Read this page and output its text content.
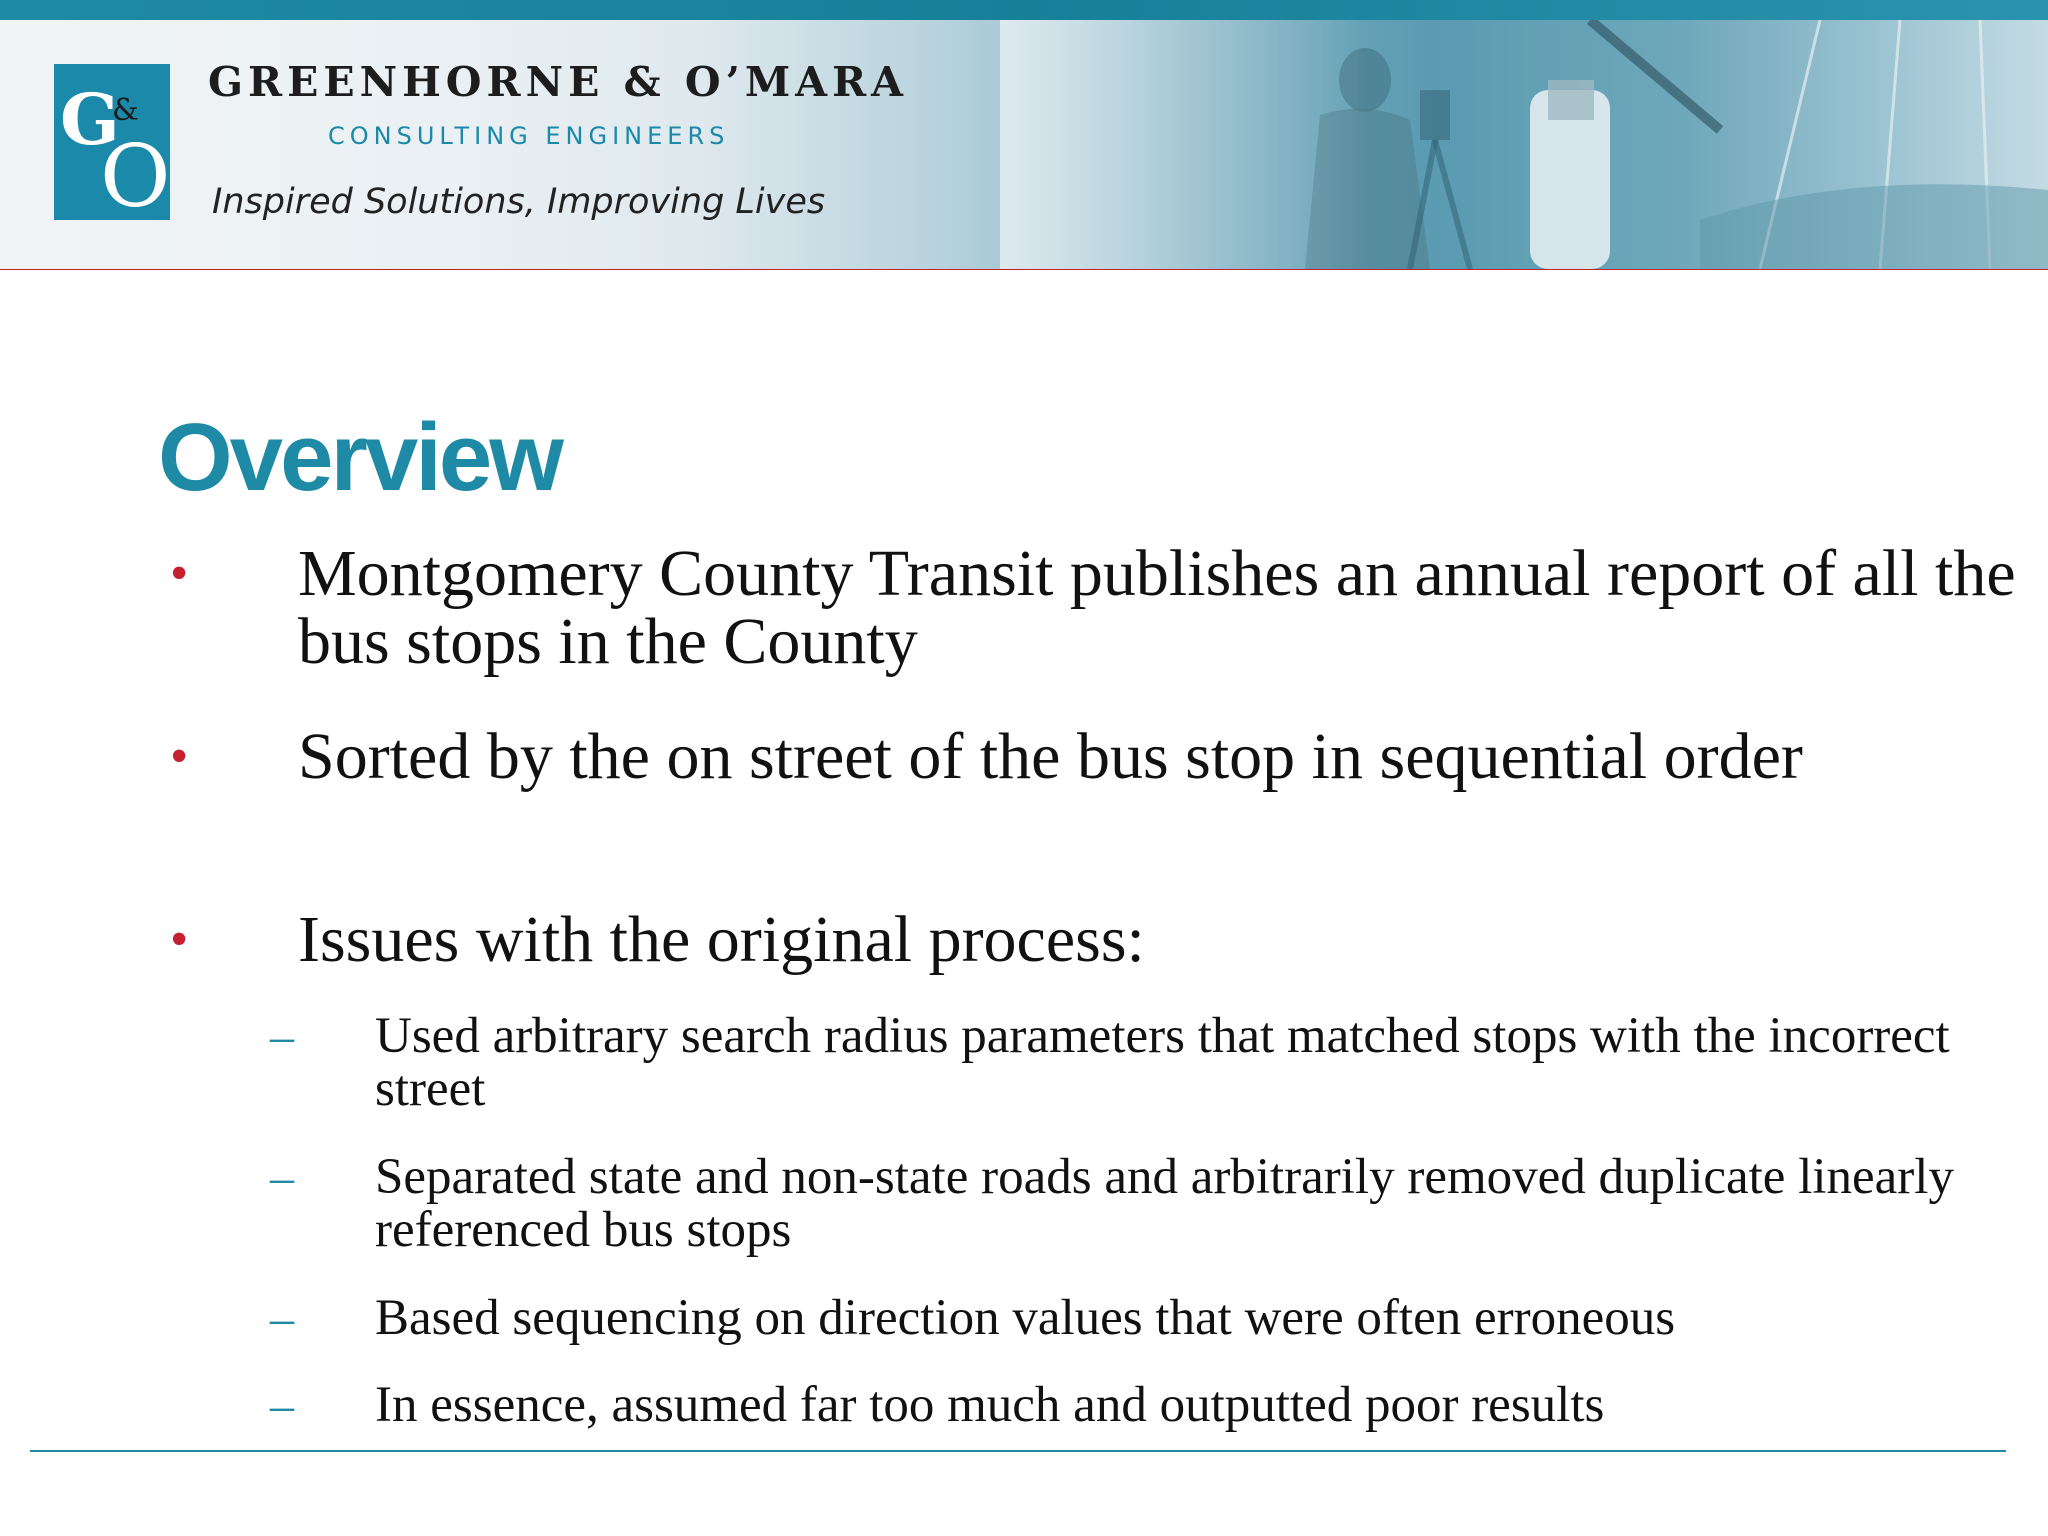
G
&
O
GREENHORNE & O’MARA
CONSULTING ENGINEERS
Inspired Solutions, Improving Lives
Overview
• Montgomery County Transit publishes an annual report of all the bus stops in the County
• Sorted by the on street of the bus stop in sequential order
• Issues with the original process:
– Used arbitrary search radius parameters that matched stops with the incorrect street
– Separated state and non-state roads and arbitrarily removed duplicate linearly referenced bus stops
– Based sequencing on direction values that were often erroneous
– In essence, assumed far too much and outputted poor results
